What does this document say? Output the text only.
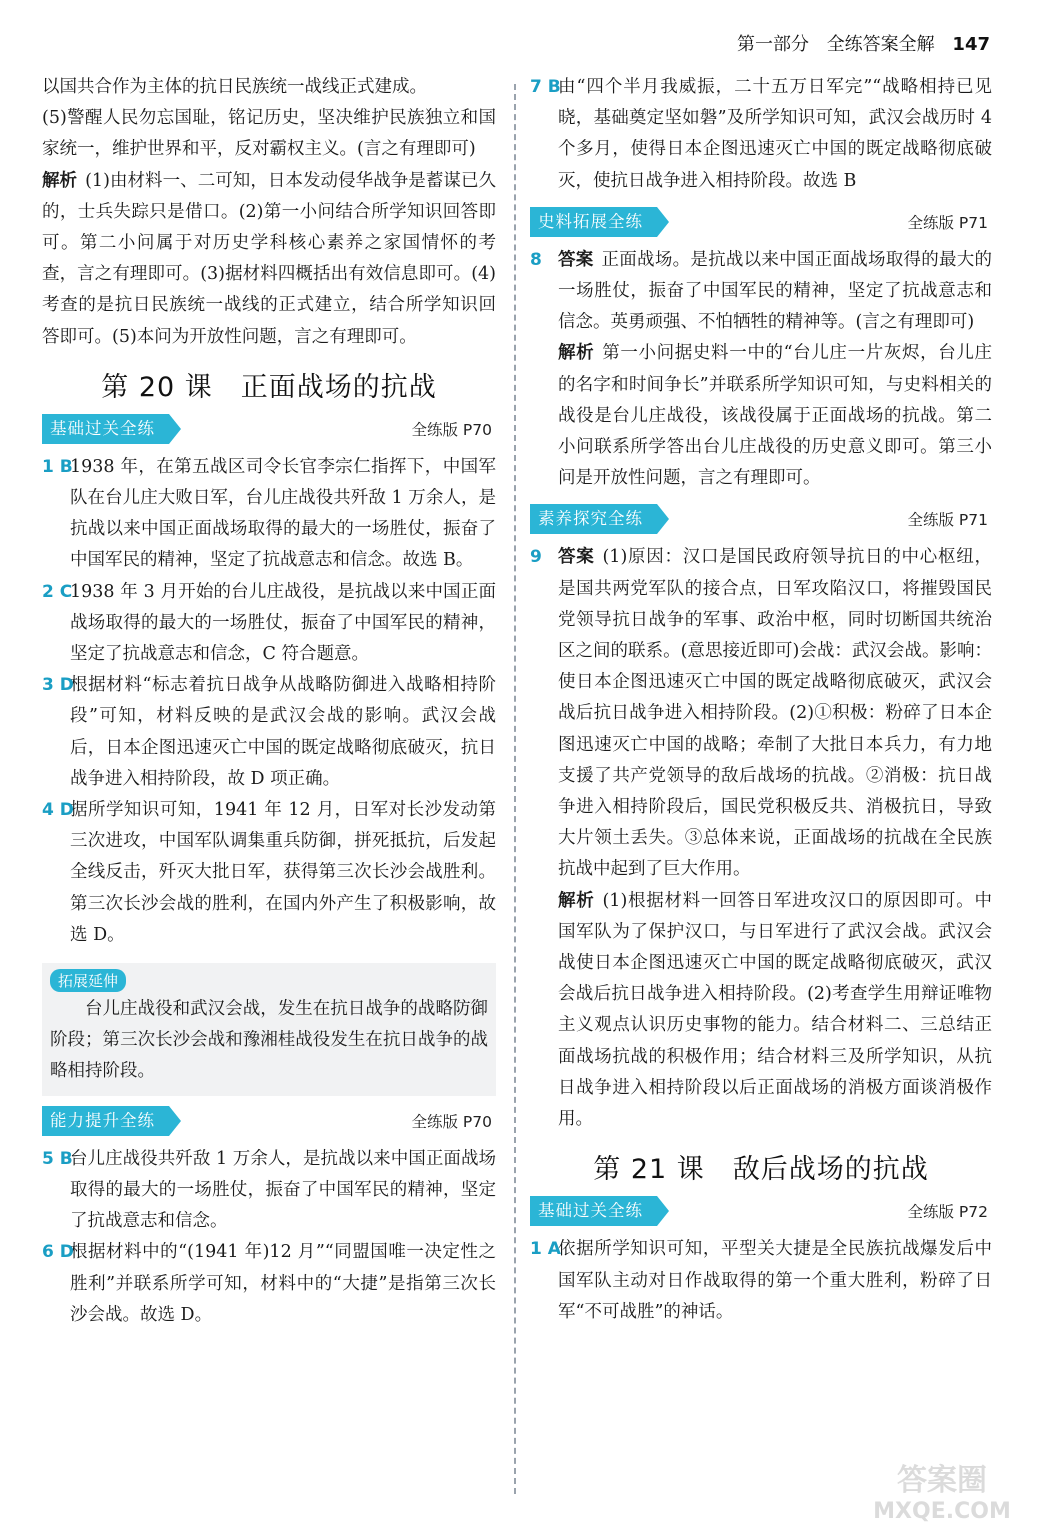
第一部分 全练答案全解 147

以国共合作为主体的抗日民族统一战线正式建成。

(5)警醒人民勿忘国耻，铭记历史，坚决维护民族独立和国家统一，维护世界和平，反对霸权主义。(言之有理即可)

解析 (1)由材料一、二可知，日本发动侵华战争是蓄谋已久的，士兵失踪只是借口。(2)第一小问结合所学知识回答即可。第二小问属于对历史学科核心素养之家国情怀的考查，言之有理即可。(3)据材料四概括出有效信息即可。(4)考查的是抗日民族统一战线的正式建立，结合所学知识回答即可。(5)本问为开放性问题，言之有理即可。

第 20 课 正面战场的抗战
基础过关全练	全练版 P70
1 B
1938 年，在第五战区司令长官李宗仁指挥下，中国军队在台儿庄大败日军，台儿庄战役共歼敌 1 万余人，是抗战以来中国正面战场取得的最大的一场胜仗，振奋了中国军民的精神，坚定了抗战意志和信念。故选 B。
2 C
1938 年 3 月开始的台儿庄战役，是抗战以来中国正面战场取得的最大的一场胜仗，振奋了中国军民的精神，坚定了抗战意志和信念，C 符合题意。
3 D
根据材料“标志着抗日战争从战略防御进入战略相持阶段”可知，材料反映的是武汉会战的影响。武汉会战后，日本企图迅速灭亡中国的既定战略彻底破灭，抗日战争进入相持阶段，故 D 项正确。
4 D
据所学知识可知，1941 年 12 月，日军对长沙发动第三次进攻，中国军队调集重兵防御，拼死抵抗，后发起全线反击，歼灭大批日军，获得第三次长沙会战胜利。第三次长沙会战的胜利，在国内外产生了积极影响，故选 D。
拓展延伸

台儿庄战役和武汉会战，发生在抗日战争的战略防御阶段；第三次长沙会战和豫湘桂战役发生在抗日战争的战略相持阶段。

能力提升全练	全练版 P70
5 B
台儿庄战役共歼敌 1 万余人，是抗战以来中国正面战场取得的最大的一场胜仗，振奋了中国军民的精神，坚定了抗战意志和信念。
6 D
根据材料中的“(1941 年)12 月”“同盟国唯一决定性之胜利”并联系所学可知，材料中的“大捷”是指第三次长沙会战。故选 D。
7 B
由“四个半月我威振，二十五万日军完”“战略相持已见晓，基础奠定坚如磐”及所学知识可知，武汉会战历时 4 个多月，使得日本企图迅速灭亡中国的既定战略彻底破灭，使抗日战争进入相持阶段。故选 B
史料拓展全练	全练版 P71
8 答案 正面战场。是抗战以来中国正面战场取得的最大的一场胜仗，振奋了中国军民的精神，坚定了抗战意志和信念。英勇顽强、不怕牺牲的精神等。(言之有理即可)
解析 第一小问据史料一中的“台儿庄一片灰烬，台儿庄的名字和时间争长”并联系所学知识可知，与史料相关的战役是台儿庄战役，该战役属于正面战场的抗战。第二小问联系所学答出台儿庄战役的历史意义即可。第三小问是开放性问题，言之有理即可。
素养探究全练	全练版 P71
9 答案 (1)原因：汉口是国民政府领导抗日的中心枢纽，是国共两党军队的接合点，日军攻陷汉口，将摧毁国民党领导抗日战争的军事、政治中枢，同时切断国共统治区之间的联系。(意思接近即可)会战：武汉会战。影响：使日本企图迅速灭亡中国的既定战略彻底破灭，武汉会战后抗日战争进入相持阶段。(2)①积极：粉碎了日本企图迅速灭亡中国的战略；牵制了大批日本兵力，有力地支援了共产党领导的敌后战场的抗战。②消极：抗日战争进入相持阶段后，国民党积极反共、消极抗日，导致大片领土丢失。③总体来说，正面战场的抗战在全民族抗战中起到了巨大作用。
解析 (1)根据材料一回答日军进攻汉口的原因即可。中国军队为了保护汉口，与日军进行了武汉会战。武汉会战使日本企图迅速灭亡中国的既定战略彻底破灭，武汉会战后抗日战争进入相持阶段。(2)考查学生用辩证唯物主义观点认识历史事物的能力。结合材料二、三总结正面战场抗战的积极作用；结合材料三及所学知识，从抗日战争进入相持阶段以后正面战场的消极方面谈消极作用。
第 21 课 敌后战场的抗战
基础过关全练	全练版 P72
1 A
依据所学知识可知，平型关大捷是全民族抗战爆发后中国军队主动对日作战取得的第一个重大胜利，粉碎了日军“不可战胜”的神话。
答案圈
MXQE.COM
